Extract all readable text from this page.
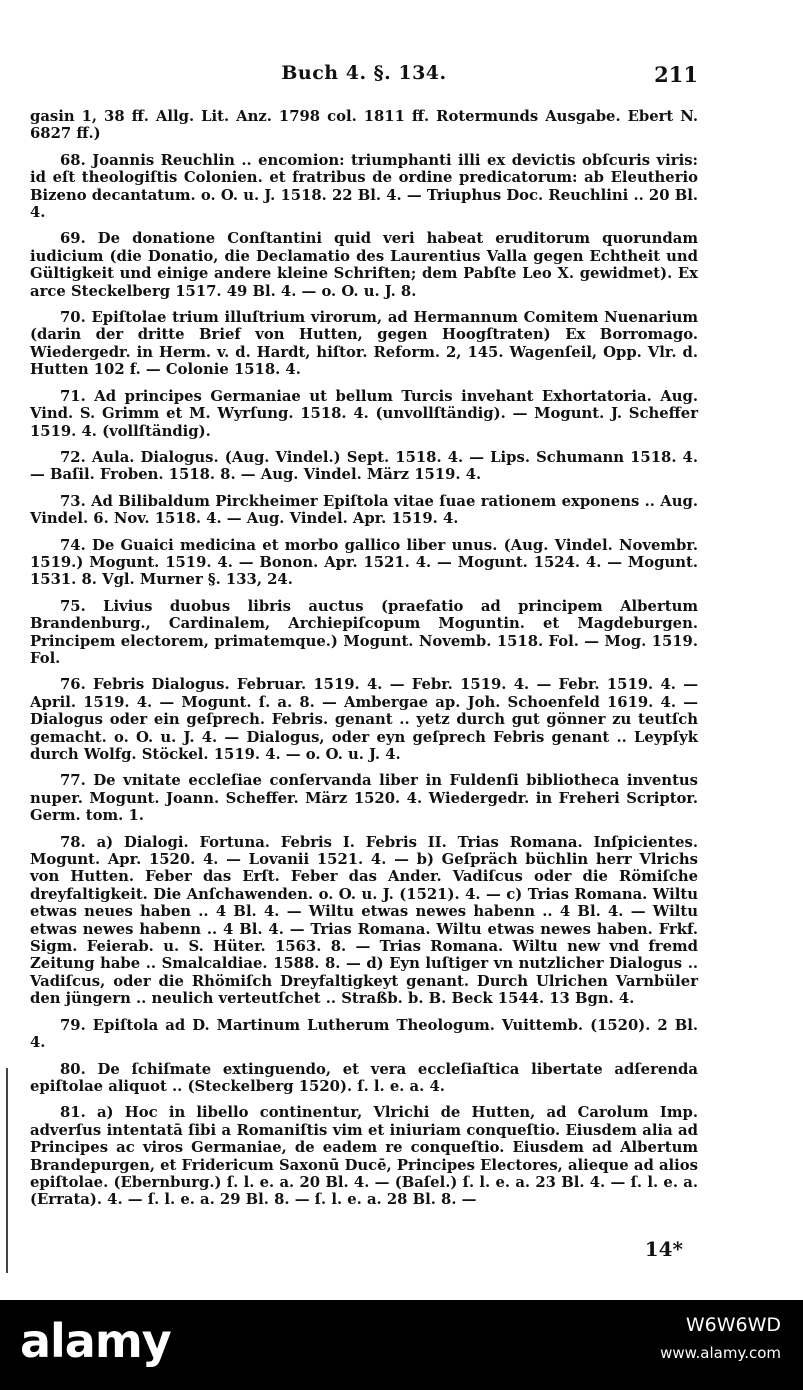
Buch 4. §. 134.	211

gasin 1, 38 ff. Allg. Lit. Anz. 1798 col. 1811 ff. Rotermunds Ausgabe. Ebert N. 6827 ff.)

68. Joannis Reuchlin .. encomion: triumphanti illi ex devictis obſcuris viris: id eſt theologiſtis Colonien. et fratribus de ordine predicatorum: ab Eleutherio Bizeno decantatum. o. O. u. J. 1518. 22 Bl. 4. — Triuphus Doc. Reuchlini .. 20 Bl. 4.

69. De donatione Conſtantini quid veri habeat eruditorum quorundam iudicium (die Donatio, die Declamatio des Laurentius Valla gegen Echtheit und Gültigkeit und einige andere kleine Schriften; dem Pabſte Leo X. gewidmet). Ex arce Steckelberg 1517. 49 Bl. 4. — o. O. u. J. 8.

70. Epiſtolae trium illuſtrium virorum, ad Hermannum Comitem Nuenarium (darin der dritte Brief von Hutten, gegen Hoogſtraten) Ex Borromago. Wiedergedr. in Herm. v. d. Hardt, hiſtor. Reform. 2, 145. Wagenſeil, Opp. Vlr. d. Hutten 102 f. — Colonie 1518. 4.

71. Ad principes Germaniae ut bellum Turcis invehant Exhortatoria. Aug. Vind. S. Grimm et M. Wyrſung. 1518. 4. (unvollſtändig). — Mogunt. J. Scheffer 1519. 4. (vollſtändig).

72. Aula. Dialogus. (Aug. Vindel.) Sept. 1518. 4. — Lips. Schumann 1518. 4. — Baſil. Froben. 1518. 8. — Aug. Vindel. März 1519. 4.

73. Ad Bilibaldum Pirckheimer Epiſtola vitae ſuae rationem exponens .. Aug. Vindel. 6. Nov. 1518. 4. — Aug. Vindel. Apr. 1519. 4.

74. De Guaici medicina et morbo gallico liber unus. (Aug. Vindel. Novembr. 1519.) Mogunt. 1519. 4. — Bonon. Apr. 1521. 4. — Mogunt. 1524. 4. — Mogunt. 1531. 8. Vgl. Murner §. 133, 24.

75. Livius duobus libris auctus (praefatio ad principem Albertum Brandenburg., Cardinalem, Archiepiſcopum Moguntin. et Magdeburgen. Principem electorem, primatemque.) Mogunt. Novemb. 1518. Fol. — Mog. 1519. Fol.

76. Febris Dialogus. Februar. 1519. 4. — Febr. 1519. 4. — Febr. 1519. 4. — April. 1519. 4. — Mogunt. ſ. a. 8. — Ambergae ap. Joh. Schoenfeld 1619. 4. — Dialogus oder ein geſprech. Febris. genant .. yetz durch gut gönner zu teutſch gemacht. o. O. u. J. 4. — Dialogus, oder eyn geſprech Febris genant .. Leypſyk durch Wolfg. Stöckel. 1519. 4. — o. O. u. J. 4.

77. De vnitate eccleſiae conſervanda liber in Fuldenſi bibliotheca inventus nuper. Mogunt. Joann. Scheffer. März 1520. 4. Wiedergedr. in Freheri Scriptor. Germ. tom. 1.

78. a) Dialogi. Fortuna. Febris I. Febris II. Trias Romana. Inſpicientes. Mogunt. Apr. 1520. 4. — Lovanii 1521. 4. — b) Geſpräch büchlin herr Vlrichs von Hutten. Feber das Erſt. Feber das Ander. Vadiſcus oder die Römiſche dreyfaltigkeit. Die Anſchawenden. o. O. u. J. (1521). 4. — c) Trias Romana. Wiltu etwas neues haben .. 4 Bl. 4. — Wiltu etwas newes habenn .. 4 Bl. 4. — Wiltu etwas newes habenn .. 4 Bl. 4. — Trias Romana. Wiltu etwas newes haben. Frkf. Sigm. Feierab. u. S. Hüter. 1563. 8. — Trias Romana. Wiltu new vnd fremd Zeitung habe .. Smalcaldiae. 1588. 8. — d) Eyn luſtiger vn nutzlicher Dialogus .. Vadiſcus, oder die Rhömiſch Dreyfaltigkeyt genant. Durch Ulrichen Varnbüler den jüngern .. neulich verteutſchet .. Straßb. b. B. Beck 1544. 13 Bgn. 4.

79. Epiſtola ad D. Martinum Lutherum Theologum. Vuittemb. (1520). 2 Bl. 4.

80. De ſchiſmate extinguendo, et vera eccleſiaſtica libertate adſerenda epiſtolae aliquot .. (Steckelberg 1520). ſ. l. e. a. 4.

81. a) Hoc in libello continentur, Vlrichi de Hutten, ad Carolum Imp. adverſus intentatā ſibi a Romaniſtis vim et iniuriam conqueſtio. Eiusdem alia ad Principes ac viros Germaniae, de eadem re conqueſtio. Eiusdem ad Albertum Brandepurgen, et Fridericum Saxonū Ducē, Principes Electores, alieque ad alios epiſtolae. (Ebernburg.) ſ. l. e. a. 20 Bl. 4. — (Baſel.) ſ. l. e. a. 23 Bl. 4. — ſ. l. e. a. (Errata). 4. — ſ. l. e. a. 29 Bl. 8. — ſ. l. e. a. 28 Bl. 8. —

14*
alamy	W6W6WD
www.alamy.com
